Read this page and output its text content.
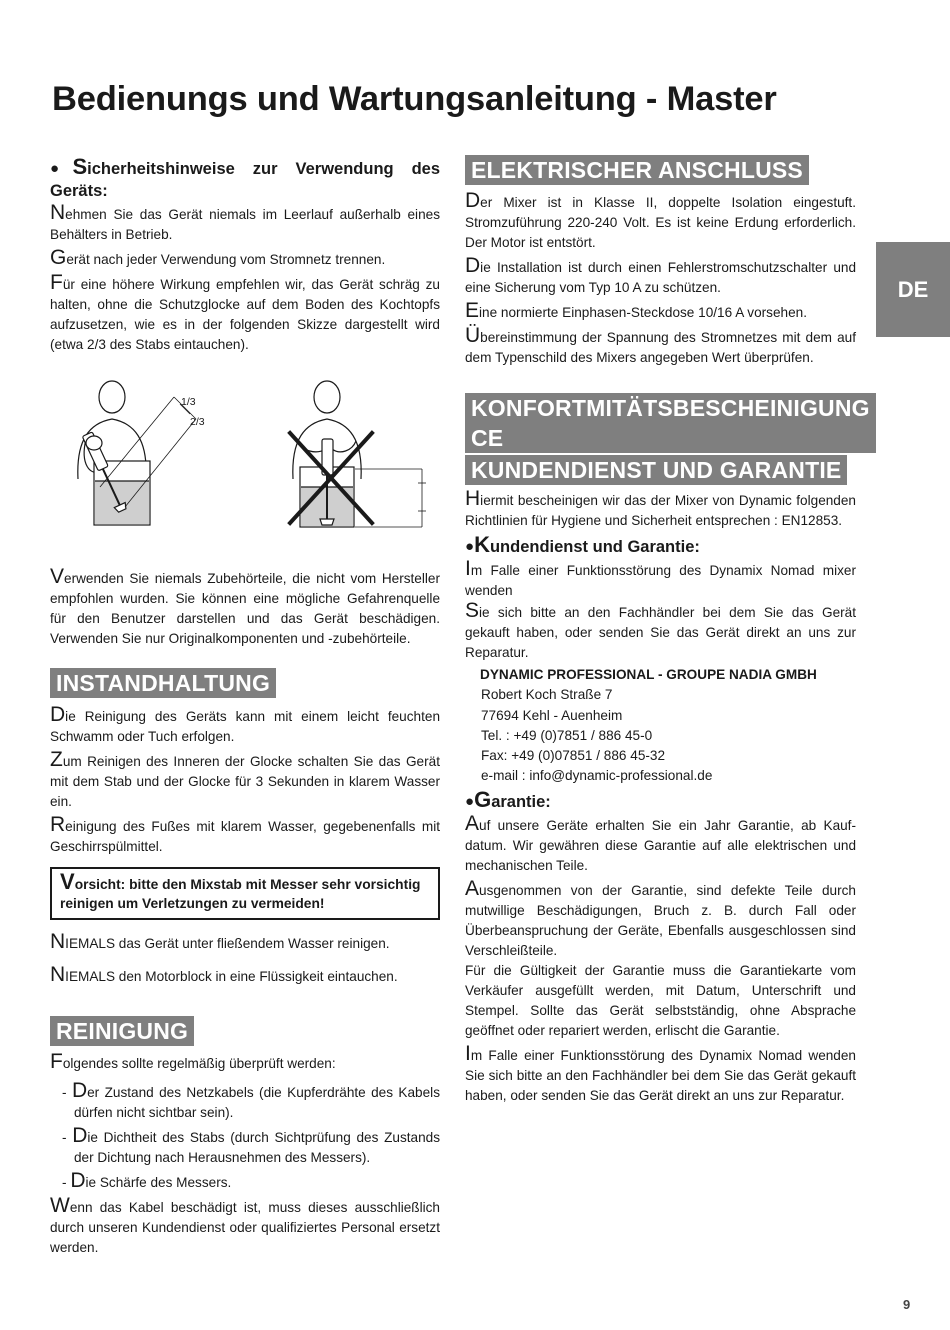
Bedienungs und Wartungsanleitung - Master
●Sicherheitshinweise zur Verwendung des Geräts:

Nehmen Sie das Gerät niemals im Leerlauf außerhalb eines Behälters in Betrieb.

Gerät nach jeder Verwendung vom Stromnetz trennen.

Für eine höhere Wirkung empfehlen wir, das Gerät schräg zu halten, ohne die Schutzglocke auf dem Boden des Kochtopfs aufzusetzen, wie es in der folgenden Skizze dargestellt wird (etwa 2/3 des Stabs eintauchen).

1/3
2/3

Verwenden Sie niemals Zubehörteile, die nicht vom Hersteller empfohlen wurden. Sie können eine mögliche Gefahrenquelle für den Benutzer darstellen und das Gerät beschädigen. Verwenden Sie nur Originalkomponenten und -zubehörteile.

INSTANDHALTUNG

Die Reinigung des Geräts kann mit einem leicht feuchten Schwamm oder Tuch erfolgen.

Zum Reinigen des Inneren der Glocke schalten Sie das Gerät mit dem Stab und der Glocke für 3 Sekunden in klarem Wasser ein.

Reinigung des Fußes mit klarem Wasser, gegebenenfalls mit Geschirrspülmittel.

Vorsicht: bitte den Mixstab mit Messer sehr vorsichtig reinigen um Verletzungen zu vermeiden!

NIEMALS das Gerät unter fließendem Wasser reinigen.

NIEMALS den Motorblock in eine Flüssigkeit eintauchen.

REINIGUNG

Folgendes sollte regelmäßig überprüft werden:

- Der Zustand des Netzkabels (die Kupferdrähte des Kabels dürfen nicht sichtbar sein).

- Die Dichtheit des Stabs (durch Sichtprüfung des Zustands der Dichtung nach Herausnehmen des Messers).

- Die Schärfe des Messers.

Wenn das Kabel beschädigt ist, muss dieses ausschließlich durch unseren Kundendienst oder qualifiziertes Personal ersetzt werden.

ELEKTRISCHER ANSCHLUSS

Der Mixer ist in Klasse II, doppelte Isolation eingestuft. Stromzuführung 220-240 Volt. Es ist keine Erdung erforderlich. Der Motor ist entstört.

Die Installation ist durch einen Fehlerstromschutzschalter und eine Sicherung vom Typ 10 A zu schützen.

Eine normierte Einphasen-Steckdose 10/16 A vorsehen.

Übereinstimmung der Spannung des Stromnetzes mit dem auf dem Typenschild des Mixers angegeben Wert überprüfen.

KONFORTMITÄTSBESCHEINIGUNG CE
KUNDENDIENST UND GARANTIE

Hiermit bescheinigen wir das der Mixer von Dynamic folgenden Richtlinien für Hygiene und Sicherheit entsprechen : EN12853.

●Kundendienst und Garantie:

Im Falle einer Funktionsstörung des Dynamix Nomad mixer wenden

Sie sich bitte an den Fachhändler bei dem Sie das Gerät gekauft haben, oder senden Sie das Gerät direkt an uns zur Reparatur.

DYNAMIC PROFESSIONAL - GROUPE NADIA GMBH
Robert Koch Straße 7
77694 Kehl - Auenheim
Tel. : +49 (0)7851 / 886 45-0
Fax: +49 (0)07851 / 886 45-32
e-mail : info@dynamic-professional.de
●Garantie:

Auf unsere Geräte erhalten Sie ein Jahr Garantie, ab Kauf-datum. Wir gewähren diese Garantie auf alle elektrischen und mechanischen Teile.

Ausgenommen von der Garantie, sind defekte Teile durch mutwillige Beschädigungen, Bruch z. B. durch Fall oder Überbeanspruchung der Geräte, Ebenfalls ausgeschlossen sind Verschleißteile.

Für die Gültigkeit der Garantie muss die Garantiekarte vom Verkäufer ausgefüllt werden, mit Datum, Unterschrift und Stempel. Sollte das Gerät selbstständig, ohne Absprache geöffnet oder repariert werden, erlischt die Garantie.

Im Falle einer Funktionsstörung des Dynamix Nomad wenden Sie sich bitte an den Fachhändler bei dem Sie das Gerät gekauft haben, oder senden Sie das Gerät direkt an uns zur Reparatur.

DE
9
